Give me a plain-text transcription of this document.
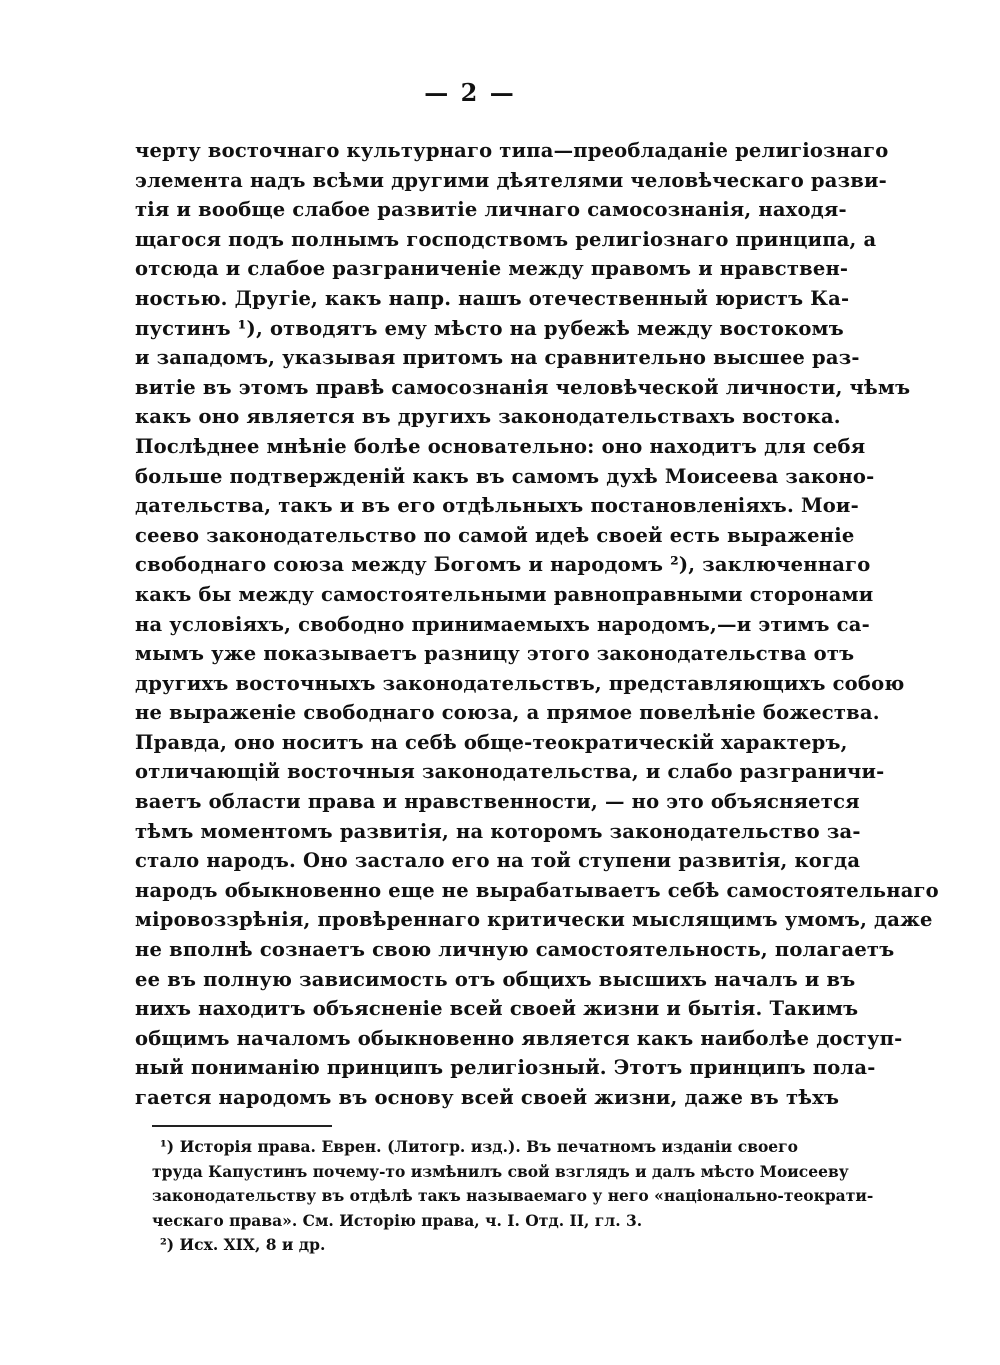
— 2 —
черту восточнаго культурнаго типа—преобладаніе религіознаго
элемента надъ всѣми другими дѣятелями человѣческаго разви-
тія и вообще слабое развитіе личнаго самосознанія, находя-
щагося подъ полнымъ господствомъ религіознаго принципа, а
отсюда и слабое разграниченіе между правомъ и нравствен-
ностью. Другіе, какъ напр. нашъ отечественный юристъ Ка-
пустинъ ¹), отводятъ ему мѣсто на рубежѣ между востокомъ
и западомъ, указывая притомъ на сравнительно высшее раз-
витіе въ этомъ правѣ самосознанія человѣческой личности, чѣмъ
какъ оно является въ другихъ законодательствахъ востока.
Послѣднее мнѣніе болѣе основательно: оно находитъ для себя
больше подтвержденій какъ въ самомъ духѣ Моисеева законо-
дательства, такъ и въ его отдѣльныхъ постановленіяхъ. Мои-
сеево законодательство по самой идеѣ своей есть выраженіе
свободнаго союза между Богомъ и народомъ ²), заключеннаго
какъ бы между самостоятельными равноправными сторонами
на условіяхъ, свободно принимаемыхъ народомъ,—и этимъ са-
мымъ уже показываетъ разницу этого законодательства отъ
другихъ восточныхъ законодательствъ, представляющихъ собою
не выраженіе свободнаго союза, а прямое повелѣніе божества.
Правда, оно носитъ на себѣ обще-теократическій характеръ,
отличающій восточныя законодательства, и слабо разграничи-
ваетъ области права и нравственности, — но это объясняется
тѣмъ моментомъ развитія, на которомъ законодательство за-
стало народъ. Оно застало его на той ступени развитія, когда
народъ обыкновенно еще не вырабатываетъ себѣ самостоятельнаго
міровоззрѣнія, провѣреннаго критически мыслящимъ умомъ, даже
не вполнѣ сознаетъ свою личную самостоятельность, полагаетъ
ее въ полную зависимость отъ общихъ высшихъ началъ и въ
нихъ находитъ объясненіе всей своей жизни и бытія. Такимъ
общимъ началомъ обыкновенно является какъ наиболѣе доступ-
ный пониманію принципъ религіозный. Этотъ принципъ пола-
гается народомъ въ основу всей своей жизни, даже въ тѣхъ
¹) Исторія права. Еврен. (Литогр. изд.). Въ печатномъ изданіи своего
труда Капустинъ почему-то измѣнилъ свой взглядъ и далъ мѣсто Моисееву
законодательству въ отдѣлѣ такъ называемаго у него «національно-теократи-
ческаго права». См. Исторію права, ч. I. Отд. II, гл. 3.
²) Исх. XIX, 8 и др.
